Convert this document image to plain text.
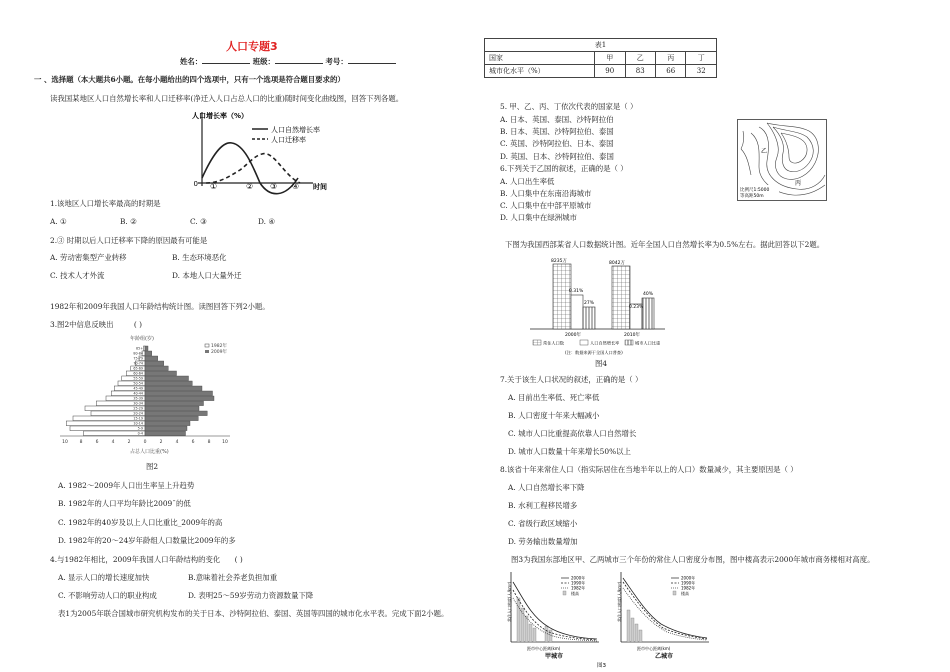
人口专题3
姓名：	班级：	考号：
一 、选择题（本大题共6小题。在每小题给出的四个选项中，只有一个选项是符合题目要求的）
读我国某地区人口自然增长率和人口迁移率(净迁入人口占总人口的比重)随时间变化曲线图，回答下列各题。
人口增长率（%）
人口自然增长率
人口迁移率
0 ①	② ③ ④ 时间
1.该地区人口增长率最高的时期是
A. ①	B. ②	C. ③	D. ④
2.③ 时期以后人口迁移率下降的原因最有可能是
A. 劳动密集型产业转移	B. 生态环境恶化
C. 技术人才外流	D. 本地人口大量外迁
1982年和2009年我国人口年龄结构统计图。读图回答下列2小题。
3.图2中信息反映出	( )
年龄组(岁)
1982年
2009年
0-4
5-9
10-14
15-19
20-24
25-29
30-34
35-39
40-44
45-49
50-54
55-59
60-64
65-69
70-74
75-79
80-84
85+
10	8	6	4	2	0	2	4	6	8	10
占总人口比重(%)
图2
A. 1982～2009年人口出生率呈上升趋势
B. 1982年的人口平均年龄比2009ˉ的低
C. 1982年的40岁及以上人口比重比_2009年的高
D. 1982年的20～24岁年龄组人口数量比2009年的多
4.与1982年相比，2009年我国人口年龄结构的变化 ( )
A. 显示人口的增长速度加快	B.意味着社会养老负担加重
C. 不影响劳动人口的职业构成	D. 表明25～59岁劳动力资源数量下降
表1为2005年联合国城市研究机构发布的关于日本、沙特阿拉伯、泰国、英国等四国的城市化水平表。完成下面2小题。
表1				
国家	甲	乙	丙	丁
城市化水平（%）	90	83	66	32
5. 甲、乙、丙、丁依次代表的国家是（ ）
A. 日本、英国、泰国、沙特阿拉伯
B. 日本、英国、沙特阿拉伯、泰国
C. 英国、沙特阿拉伯、日本、泰国
D. 英国、日本、沙特阿拉伯、泰国
6.下列关于乙国的叙述，正确的是（ ）
A. 人口出生率低
B. 人口集中在东南沿海城市
C. 人口集中在中部平原城市
D. 人口集中在绿洲城市
乙
丙
比例尺1:5000
等高距50m
下图为我国西部某省人口数据统计图。近年全国人口自然增长率为0.5%左右。据此回答以下2题。
8235万	8042万
0.31%
0.23%
27%
40%
2000年	2010年
常住人口数	人口自然增长率	城市人口比重
(注：数据来源于全国人口普查)
图4
7.关于该生人口状况的叙述，正确的是（ ）
A. 目前出生率低、死亡率低
B. 人口密度十年来大幅减小
C. 城市人口比重提高依靠人口自然增长
D. 城市人口数量十年来增长50%以上
8.该省十年来常住人口（指实际居住在当地半年以上的人口）数量减少，其主要原因是（ ）
A. 人口自然增长率下降
B. 水利工程移民增多
C. 省级行政区域缩小
D. 劳务输出数量增加
图3为我国东部地区甲、乙两城市三个年份的常住人口密度分布图，图中楼高表示2000年城市商务楼相对高度。
常住人口密度(人/km²)
距市中心距离(km)
2000年
1990年
1982年
楼高	常住人口密度(人/km²)
距市中心距离(km)
2000年
1990年
1982年
楼高
甲城市	乙城市
图3
